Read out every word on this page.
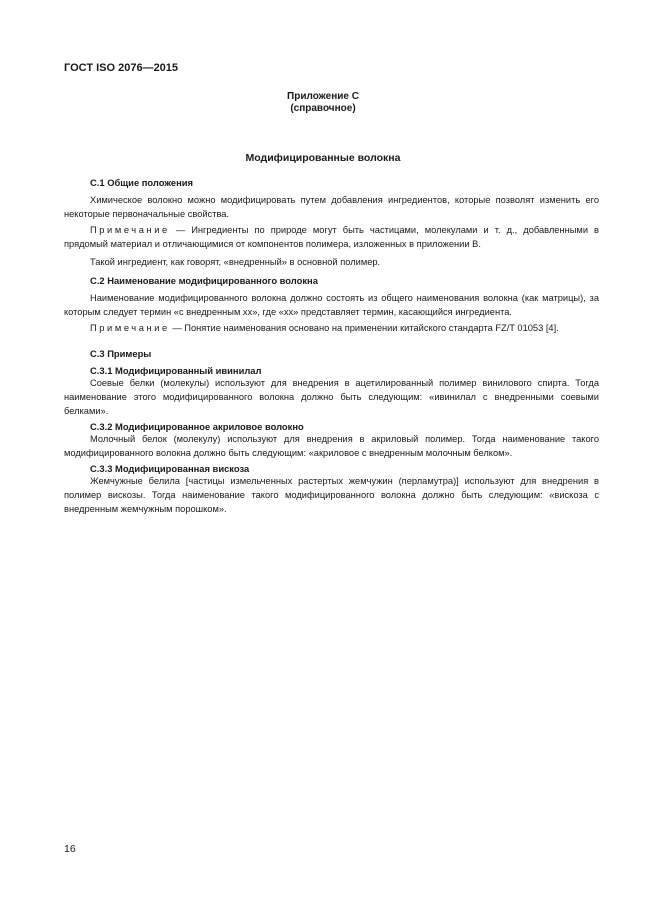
ГОСТ ISO 2076—2015
Приложение С
(справочное)
Модифицированные волокна
С.1 Общие положения
Химическое волокно можно модифицировать путем добавления ингредиентов, которые позволят изменить его некоторые первоначальные свойства.
Примечание — Ингредиенты по природе могут быть частицами, молекулами и т. д., добавленными в прядомый материал и отличающимися от компонентов полимера, изложенных в приложении В.
Такой ингредиент, как говорят, «внедренный» в основной полимер.
С.2 Наименование модифицированного волокна
Наименование модифицированного волокна должно состоять из общего наименования волокна (как матрицы), за которым следует термин «с внедренным хх», где «хх» представляет термин, касающийся ингредиента.
Примечание — Понятие наименования основано на применении китайского стандарта FZ/T 01053 [4].
С.3 Примеры
С.3.1 Модифицированный ивинилал
Соевые белки (молекулы) используют для внедрения в ацетилированный полимер винилового спирта. Тогда наименование этого модифицированного волокна должно быть следующим: «ивинилал с внедренными соевыми белками».
С.3.2 Модифицированное акриловое волокно
Молочный белок (молекулу) используют для внедрения в акриловый полимер. Тогда наименование такого модифицированного волокна должно быть следующим: «акриловое с внедренным молочным белком».
С.3.3 Модифицированная вискоза
Жемчужные белила [частицы измельченных растертых жемчужин (перламутра)] используют для внедрения в полимер вискозы. Тогда наименование такого модифицированного волокна должно быть следующим: «вискоза с внедренным жемчужным порошком».
16
